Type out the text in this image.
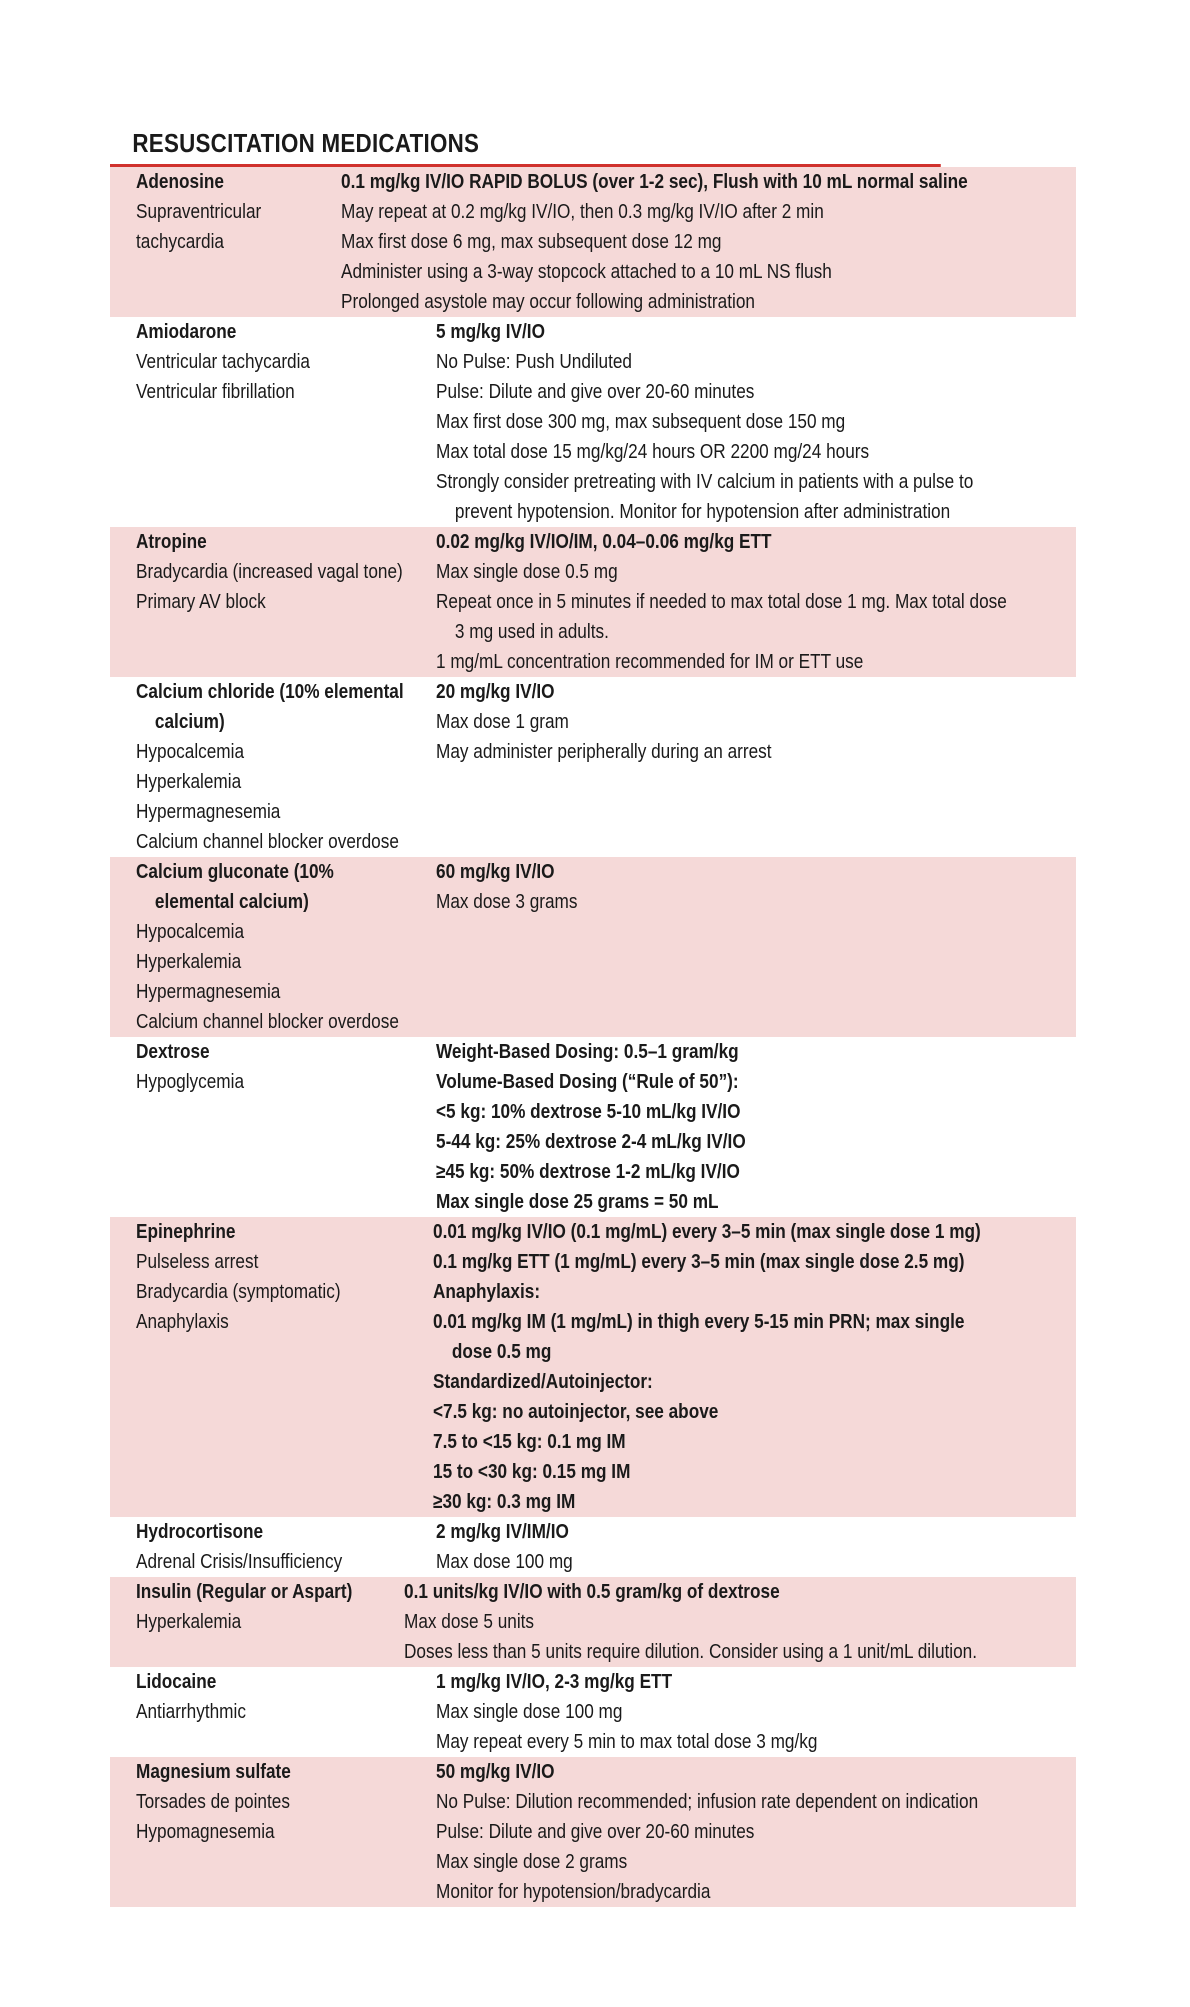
RESUSCITATION MEDICATIONS
Adenosine
Supraventricular
tachycardia
0.1 mg/kg IV/IO RAPID BOLUS (over 1-2 sec), Flush with 10 mL normal saline
May repeat at 0.2 mg/kg IV/IO, then 0.3 mg/kg IV/IO after 2 min
Max first dose 6 mg, max subsequent dose 12 mg
Administer using a 3-way stopcock attached to a 10 mL NS flush
Prolonged asystole may occur following administration
Amiodarone
Ventricular tachycardia
Ventricular fibrillation
5 mg/kg IV/IO
No Pulse: Push Undiluted
Pulse: Dilute and give over 20-60 minutes
Max first dose 300 mg, max subsequent dose 150 mg
Max total dose 15 mg/kg/24 hours OR 2200 mg/24 hours
Strongly consider pretreating with IV calcium in patients with a pulse to
prevent hypotension. Monitor for hypotension after administration
Atropine
Bradycardia (increased vagal tone)
Primary AV block
0.02 mg/kg IV/IO/IM, 0.04–0.06 mg/kg ETT
Max single dose 0.5 mg
Repeat once in 5 minutes if needed to max total dose 1 mg. Max total dose
3 mg used in adults.
1 mg/mL concentration recommended for IM or ETT use
Calcium chloride (10% elemental
calcium)
Hypocalcemia
Hyperkalemia
Hypermagnesemia
Calcium channel blocker overdose
20 mg/kg IV/IO
Max dose 1 gram
May administer peripherally during an arrest
Calcium gluconate (10%
elemental calcium)
Hypocalcemia
Hyperkalemia
Hypermagnesemia
Calcium channel blocker overdose
60 mg/kg IV/IO
Max dose 3 grams
Dextrose
Hypoglycemia
Weight-Based Dosing: 0.5–1 gram/kg
Volume-Based Dosing (“Rule of 50”):
<5 kg: 10% dextrose 5-10 mL/kg IV/IO
5-44 kg: 25% dextrose 2-4 mL/kg IV/IO
≥45 kg: 50% dextrose 1-2 mL/kg IV/IO
Max single dose 25 grams = 50 mL
Epinephrine
Pulseless arrest
Bradycardia (symptomatic)
Anaphylaxis
0.01 mg/kg IV/IO (0.1 mg/mL) every 3–5 min (max single dose 1 mg)
0.1 mg/kg ETT (1 mg/mL) every 3–5 min (max single dose 2.5 mg)
Anaphylaxis:
0.01 mg/kg IM (1 mg/mL) in thigh every 5-15 min PRN; max single
dose 0.5 mg
Standardized/Autoinjector:
<7.5 kg: no autoinjector, see above
7.5 to <15 kg: 0.1 mg IM
15 to <30 kg: 0.15 mg IM
≥30 kg: 0.3 mg IM
Hydrocortisone
Adrenal Crisis/Insufficiency
2 mg/kg IV/IM/IO
Max dose 100 mg
Insulin (Regular or Aspart)
Hyperkalemia
0.1 units/kg IV/IO with 0.5 gram/kg of dextrose
Max dose 5 units
Doses less than 5 units require dilution. Consider using a 1 unit/mL dilution.
Lidocaine
Antiarrhythmic
1 mg/kg IV/IO, 2-3 mg/kg ETT
Max single dose 100 mg
May repeat every 5 min to max total dose 3 mg/kg
Magnesium sulfate
Torsades de pointes
Hypomagnesemia
50 mg/kg IV/IO
No Pulse: Dilution recommended; infusion rate dependent on indication
Pulse: Dilute and give over 20-60 minutes
Max single dose 2 grams
Monitor for hypotension/bradycardia
